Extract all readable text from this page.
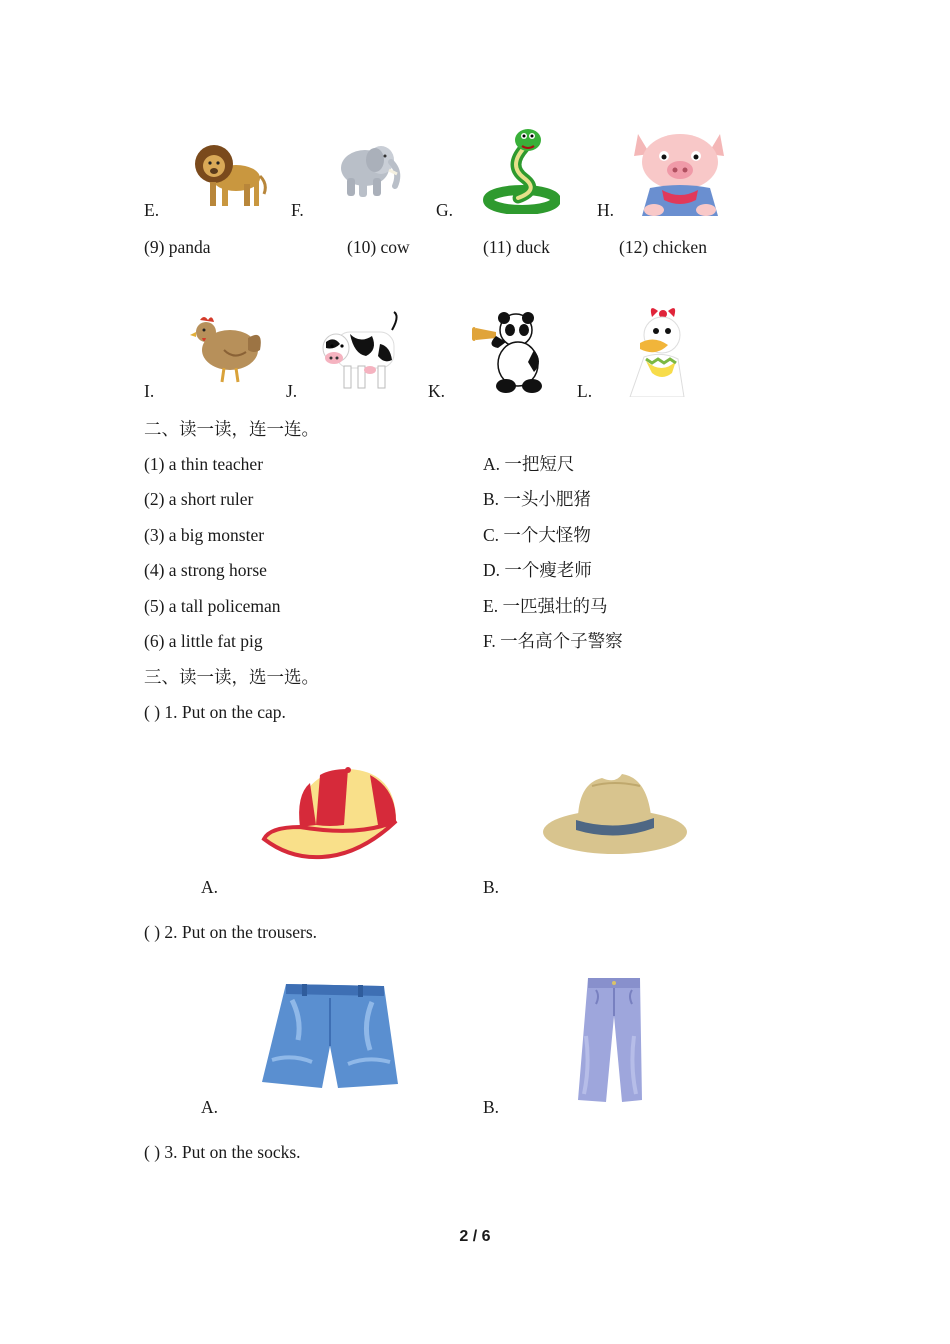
E.	F.	G.	H.
(9) panda	(10) cow	(11) duck	(12) chicken
I.	J.	K.	L.
二、读一读，连一连。
(1) a thin teacher
(2) a short ruler
(3) a big monster
(4) a strong horse
(5) a tall policeman
(6) a little fat pig
A. 一把短尺
B. 一头小肥猪
C. 一个大怪物
D. 一个瘦老师
E. 一匹强壮的马
F. 一名高个子警察
三、读一读，选一选。
( ) 1. Put on the cap.
A.	B.
( ) 2. Put on the trousers.
A.	B.
( ) 3. Put on the socks.
2 / 6
